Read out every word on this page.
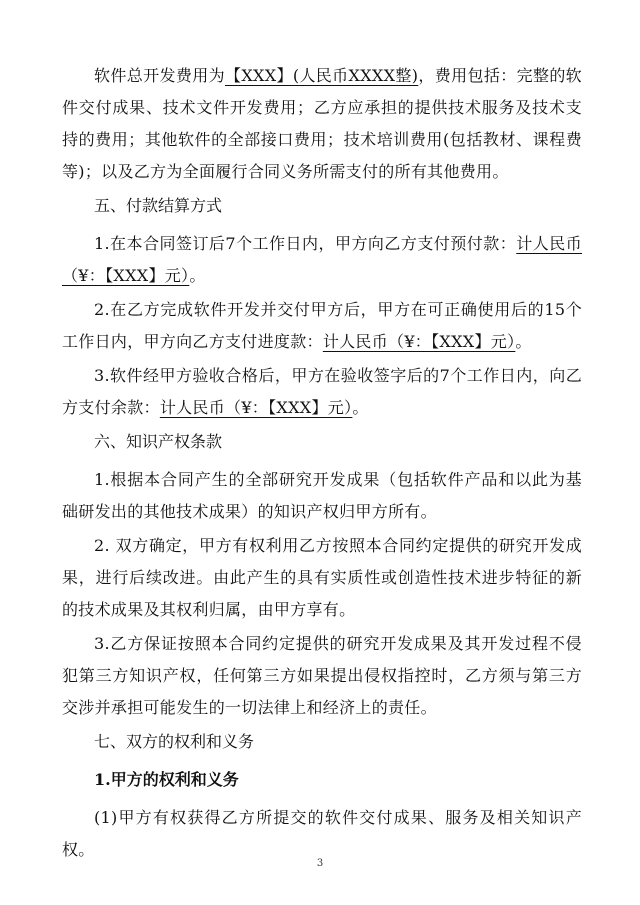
软件总开发费用为【XXX】(人民币XXXX整)，费用包括：完整的软件交付成果、技术文件开发费用；乙方应承担的提供技术服务及技术支持的费用；其他软件的全部接口费用；技术培训费用(包括教材、课程费等)；以及乙方为全面履行合同义务所需支付的所有其他费用。

五、付款结算方式

1.在本合同签订后7个工作日内，甲方向乙方支付预付款：计人民币（¥：【XXX】元）。

2.在乙方完成软件开发并交付甲方后，甲方在可正确使用后的15个工作日内，甲方向乙方支付进度款：计人民币（¥：【XXX】元）。

3.软件经甲方验收合格后，甲方在验收签字后的7个工作日内，向乙方支付余款：计人民币（¥：【XXX】元）。

六、知识产权条款

1.根据本合同产生的全部研究开发成果（包括软件产品和以此为基础研发出的其他技术成果）的知识产权归甲方所有。

2. 双方确定，甲方有权利用乙方按照本合同约定提供的研究开发成果，进行后续改进。由此产生的具有实质性或创造性技术进步特征的新的技术成果及其权利归属，由甲方享有。

3.乙方保证按照本合同约定提供的研究开发成果及其开发过程不侵犯第三方知识产权，任何第三方如果提出侵权指控时，乙方须与第三方交涉并承担可能发生的一切法律上和经济上的责任。

七、双方的权利和义务

1.甲方的权利和义务

(1)甲方有权获得乙方所提交的软件交付成果、服务及相关知识产权。

3
